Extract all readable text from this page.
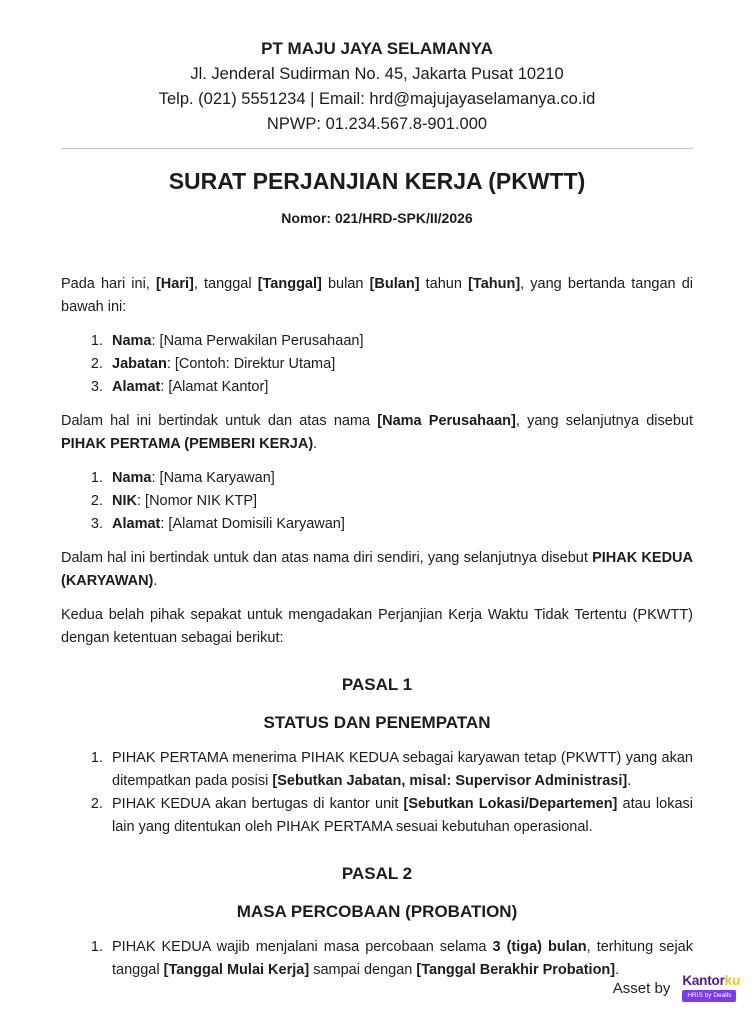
PT MAJU JAYA SELAMANYA
Jl. Jenderal Sudirman No. 45, Jakarta Pusat 10210
Telp. (021) 5551234 | Email: hrd@majujayaselamanya.co.id
NPWP: 01.234.567.8-901.000
SURAT PERJANJIAN KERJA (PKWTT)
Nomor: 021/HRD-SPK/II/2026

Pada hari ini, [Hari], tanggal [Tanggal] bulan [Bulan] tahun [Tahun], yang bertanda tangan di bawah ini:

1. Nama: [Nama Perwakilan Perusahaan]
2. Jabatan: [Contoh: Direktur Utama]
3. Alamat: [Alamat Kantor]

Dalam hal ini bertindak untuk dan atas nama [Nama Perusahaan], yang selanjutnya disebut PIHAK PERTAMA (PEMBERI KERJA).

1. Nama: [Nama Karyawan]
2. NIK: [Nomor NIK KTP]
3. Alamat: [Alamat Domisili Karyawan]

Dalam hal ini bertindak untuk dan atas nama diri sendiri, yang selanjutnya disebut PIHAK KEDUA (KARYAWAN).

Kedua belah pihak sepakat untuk mengadakan Perjanjian Kerja Waktu Tidak Tertentu (PKWTT) dengan ketentuan sebagai berikut:

PASAL 1
STATUS DAN PENEMPATAN
1. PIHAK PERTAMA menerima PIHAK KEDUA sebagai karyawan tetap (PKWTT) yang akan ditempatkan pada posisi [Sebutkan Jabatan, misal: Supervisor Administrasi].
2. PIHAK KEDUA akan bertugas di kantor unit [Sebutkan Lokasi/Departemen] atau lokasi lain yang ditentukan oleh PIHAK PERTAMA sesuai kebutuhan operasional.
PASAL 2
MASA PERCOBAAN (PROBATION)
1. PIHAK KEDUA wajib menjalani masa percobaan selama 3 (tiga) bulan, terhitung sejak tanggal [Tanggal Mulai Kerja] sampai dengan [Tanggal Berakhir Probation].
Asset by Kantorku
HRIS by Dealls
